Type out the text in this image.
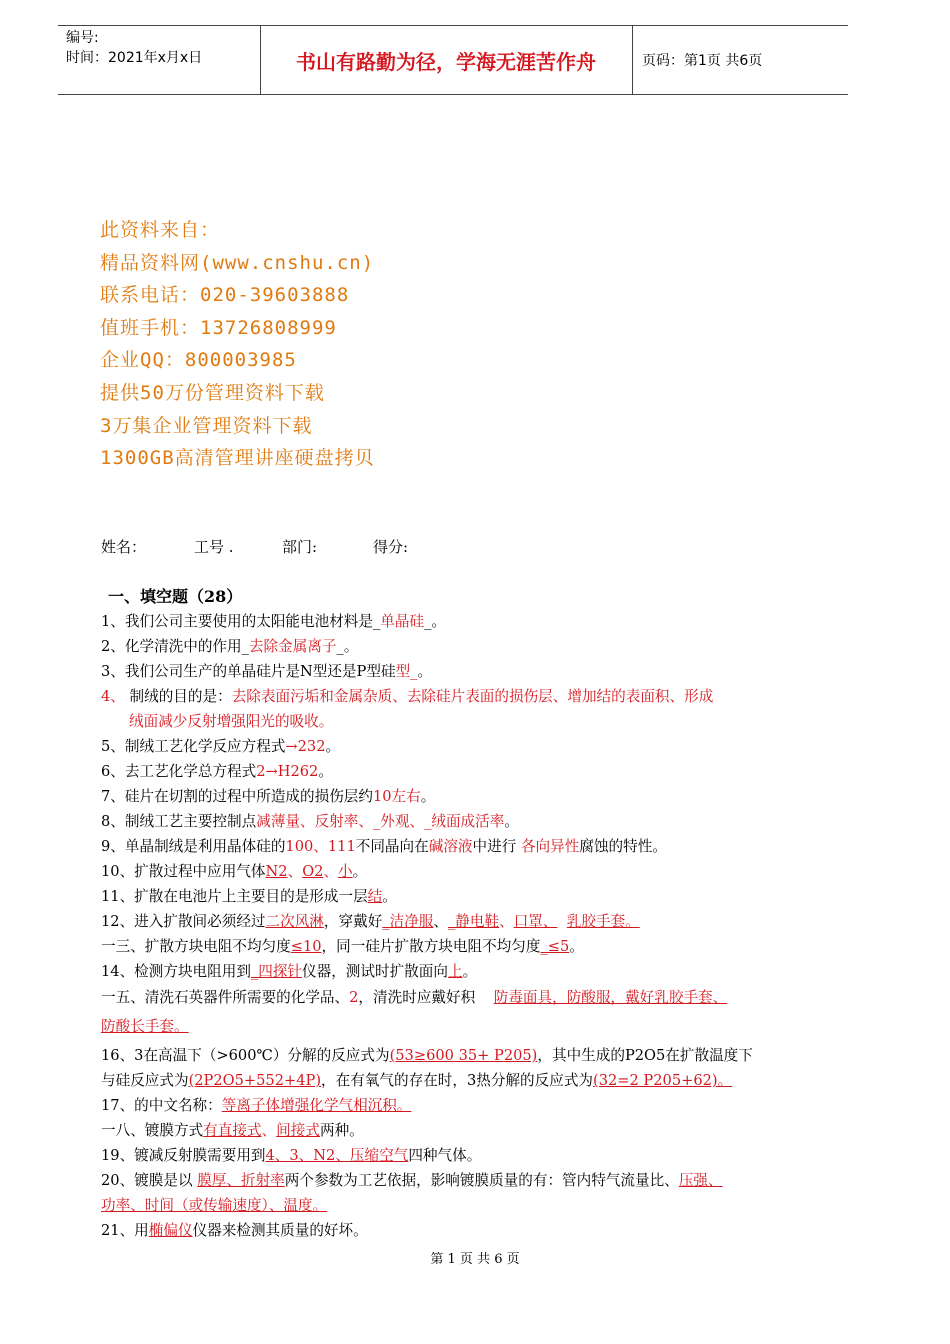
编号:
时间：2021年x月x日	书山有路勤为径，学海无涯苦作舟	页码：第1页 共6页
此资料来自：
精品资料网(www.cnshu.cn)
联系电话：020-39603888
值班手机：13726808999
企业QQ：800003985
提供50万份管理资料下载
3万集企业管理资料下载
1300GB高清管理讲座硬盘拷贝
姓名：	工号 .	部门:	得分:
一、填空题（28）
1、我们公司主要使用的太阳能电池材料是_单晶硅_。
2、化学清洗中的作用_去除金属离子_。
3、我们公司生产的单晶硅片是N型还是P型硅型_。
4、 制绒的目的是：去除表面污垢和金属杂质、去除硅片表面的损伤层、增加结的表面积、形成
绒面减少反射增强阳光的吸收。
5、制绒工艺化学反应方程式→232。
6、去工艺化学总方程式2→H262。
7、硅片在切割的过程中所造成的损伤层约10左右。
8、制绒工艺主要控制点减薄量、反射率、_外观、_绒面成活率。
9、单晶制绒是利用晶体硅的100、111不同晶向在碱溶液中进行 各向异性腐蚀的特性。
10、扩散过程中应用气体N2、O2、小。
11、扩散在电池片上主要目的是形成一层结。
12、进入扩散间必须经过二次风淋，穿戴好_洁净服、_静电鞋、口罩、 乳胶手套。
一三、扩散方块电阻不均匀度≤10，同一硅片扩散方块电阻不均匀度_≤5。
14、检测方块电阻用到_四探针仪器，测试时扩散面向上。
一五、清洗石英器件所需要的化学品、2，清洗时应戴好积 防毒面具，防酸服，戴好乳胶手套、
防酸长手套。
16、3在高温下（>600℃）分解的反应式为(53≥600 35+ P205)，其中生成的P2O5在扩散温度下
与硅反应式为(2P2O5+552+4P)，在有氧气的存在时，3热分解的反应式为(32=2 P205+62)。
17、的中文名称：等离子体增强化学气相沉积。
一八、镀膜方式有直接式、间接式两种。
19、镀减反射膜需要用到4、3、N2、压缩空气四种气体。
20、镀膜是以 膜厚、折射率两个参数为工艺依据，影响镀膜质量的有：管内特气流量比、压强、
功率、时间（或传输速度）、温度。
21、用椭偏仪仪器来检测其质量的好坏。
第 1 页 共 6 页
